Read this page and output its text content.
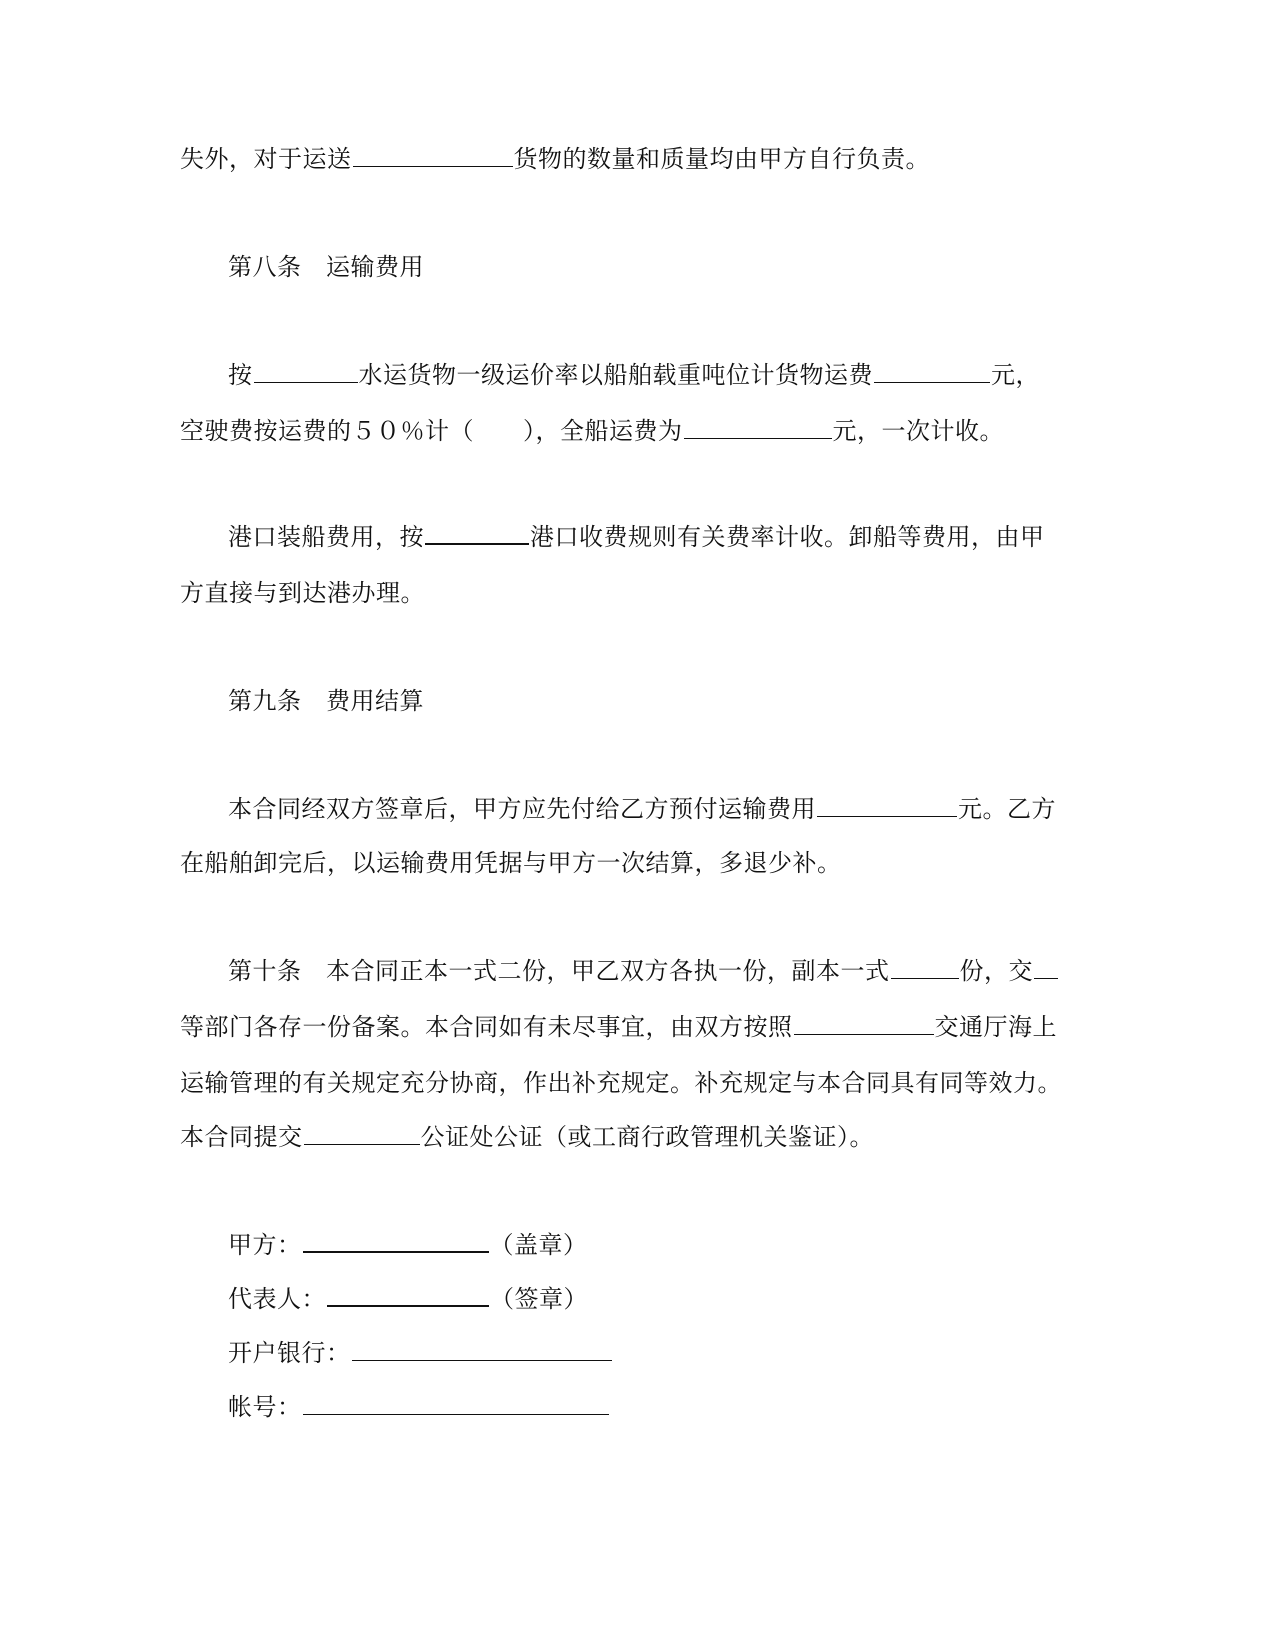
失外，对于运送	货物的数量和质量均由甲方自行负责。
第八条　运输费用
按	水运货物一级运价率以船舶载重吨位计货物运费	元，
空驶费按运费的５０％计（　　），全船运费为	元，一次计收。
港口装船费用，按	港口收费规则有关费率计收。卸船等费用，由甲
方直接与到达港办理。
第九条　费用结算
本合同经双方签章后，甲方应先付给乙方预付运输费用	元。乙方
在船舶卸完后，以运输费用凭据与甲方一次结算，多退少补。
第十条　本合同正本一式二份，甲乙双方各执一份，副本一式	份，交
等部门各存一份备案。本合同如有未尽事宜，由双方按照	交通厅海上
运输管理的有关规定充分协商，作出补充规定。补充规定与本合同具有同等效力。
本合同提交	公证处公证（或工商行政管理机关鉴证）。
甲方：	（盖章）
代表人：	（签章）
开户银行：
帐号：
